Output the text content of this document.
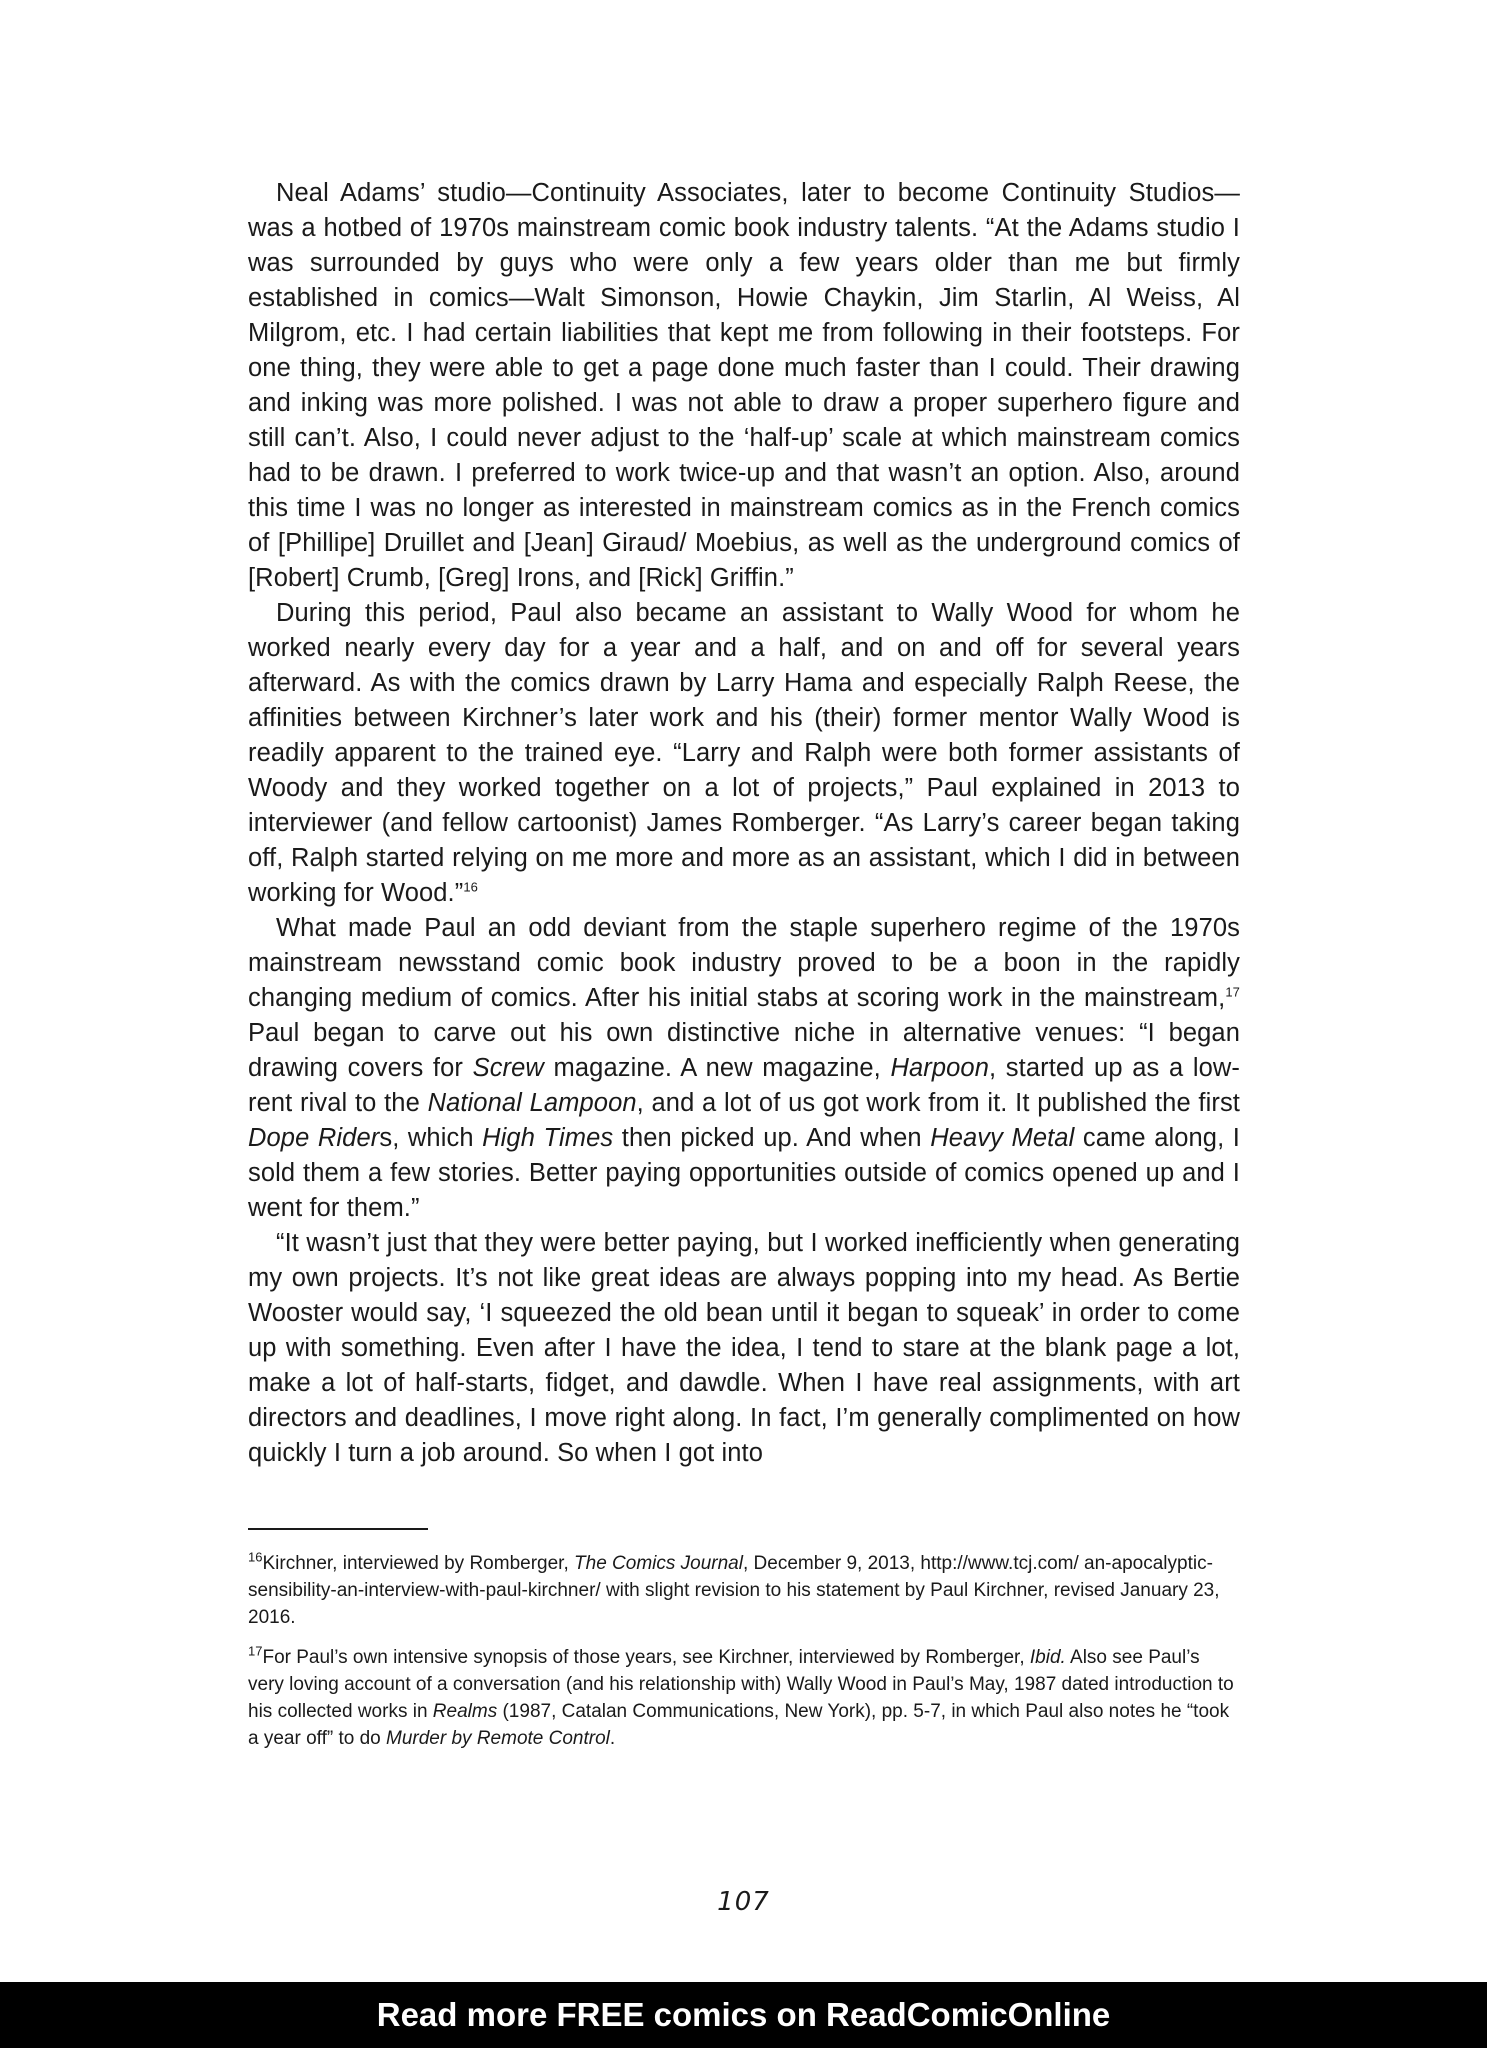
Neal Adams’ studio—Continuity Associates, later to become Continuity Studios—was a hotbed of 1970s mainstream comic book industry talents. “At the Adams studio I was surrounded by guys who were only a few years older than me but firmly established in comics—Walt Simonson, Howie Chaykin, Jim Starlin, Al Weiss, Al Milgrom, etc. I had certain liabilities that kept me from following in their footsteps. For one thing, they were able to get a page done much faster than I could. Their drawing and inking was more polished. I was not able to draw a proper superhero figure and still can’t. Also, I could never adjust to the ‘half-up’ scale at which mainstream comics had to be drawn. I preferred to work twice-up and that wasn’t an option. Also, around this time I was no longer as interested in mainstream comics as in the French comics of [Phillipe] Druillet and [Jean] Giraud/ Moebius, as well as the underground comics of [Robert] Crumb, [Greg] Irons, and [Rick] Griffin.”

During this period, Paul also became an assistant to Wally Wood for whom he worked nearly every day for a year and a half, and on and off for several years afterward. As with the comics drawn by Larry Hama and especially Ralph Reese, the affinities between Kirchner’s later work and his (their) former mentor Wally Wood is readily apparent to the trained eye. “Larry and Ralph were both former assistants of Woody and they worked together on a lot of projects,” Paul explained in 2013 to interviewer (and fellow cartoonist) James Romberger. “As Larry’s career began taking off, Ralph started relying on me more and more as an assistant, which I did in between working for Wood.”$^{16}$

What made Paul an odd deviant from the staple superhero regime of the 1970s mainstream newsstand comic book industry proved to be a boon in the rapidly changing medium of comics. After his initial stabs at scoring work in the mainstream,$^{17}$ Paul began to carve out his own distinctive niche in alternative venues: “I began drawing covers for Screw magazine. A new magazine, Harpoon, started up as a low-rent rival to the National Lampoon, and a lot of us got work from it. It published the first Dope Riders, which High Times then picked up. And when Heavy Metal came along, I sold them a few stories. Better paying opportunities outside of comics opened up and I went for them.”

“It wasn’t just that they were better paying, but I worked inefficiently when generating my own projects. It’s not like great ideas are always popping into my head. As Bertie Wooster would say, ‘I squeezed the old bean until it began to squeak’ in order to come up with something. Even after I have the idea, I tend to stare at the blank page a lot, make a lot of half-starts, fidget, and dawdle. When I have real assignments, with art directors and deadlines, I move right along. In fact, I’m generally complimented on how quickly I turn a job around. So when I got into

$^{16}$Kirchner, interviewed by Romberger, The Comics Journal, December 9, 2013, http://www.tcj.com/ an-apocalyptic-sensibility-an-interview-with-paul-kirchner/ with slight revision to his statement by Paul Kirchner, revised January 23, 2016.

$^{17}$For Paul’s own intensive synopsis of those years, see Kirchner, interviewed by Romberger, Ibid. Also see Paul’s very loving account of a conversation (and his relationship with) Wally Wood in Paul’s May, 1987 dated introduction to his collected works in Realms (1987, Catalan Communications, New York), pp. 5-7, in which Paul also notes he “took a year off” to do Murder by Remote Control.

107
Read more FREE comics on ReadComicOnline
